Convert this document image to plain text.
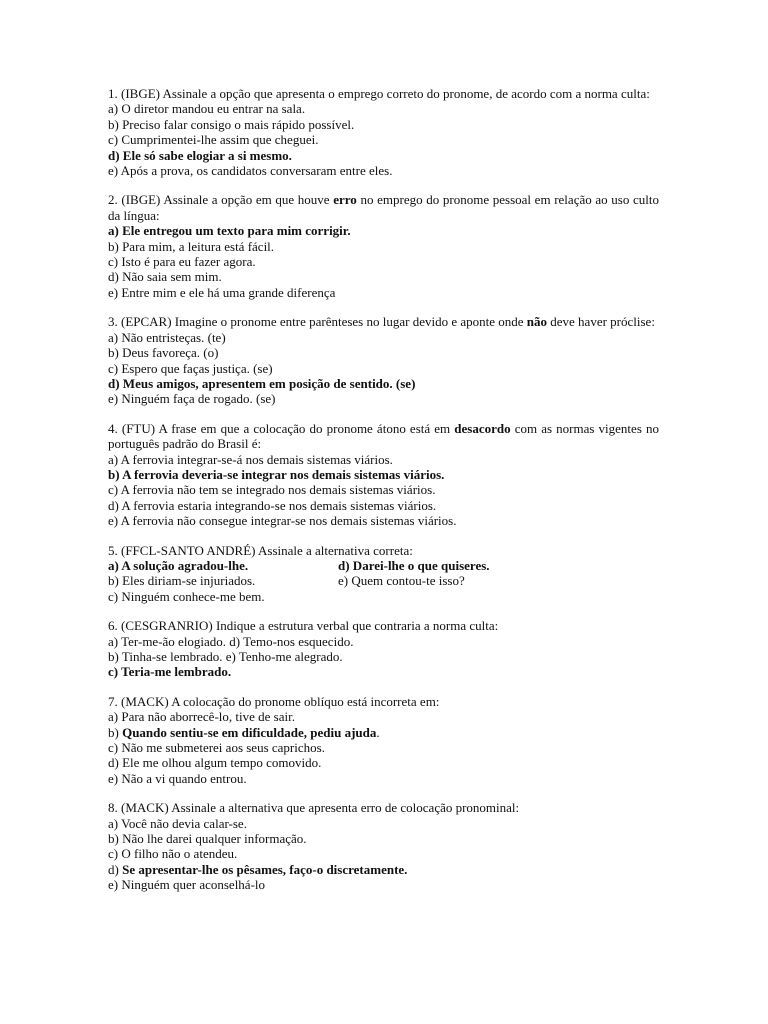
1. (IBGE) Assinale a opção que apresenta o emprego correto do pronome, de acordo com a norma culta:
a) O diretor mandou eu entrar na sala.
b) Preciso falar consigo o mais rápido possível.
c) Cumprimentei-lhe assim que cheguei.
d) Ele só sabe elogiar a si mesmo.
e) Após a prova, os candidatos conversaram entre eles.
2. (IBGE) Assinale a opção em que houve erro no emprego do pronome pessoal em relação ao uso culto da língua:
a) Ele entregou um texto para mim corrigir.
b) Para mim, a leitura está fácil.
c) Isto é para eu fazer agora.
d) Não saia sem mim.
e) Entre mim e ele há uma grande diferença
3. (EPCAR) Imagine o pronome entre parênteses no lugar devido e aponte onde não deve haver próclise:
a) Não entristeças. (te)
b) Deus favoreça. (o)
c) Espero que faças justiça. (se)
d) Meus amigos, apresentem em posição de sentido. (se)
e) Ninguém faça de rogado. (se)
4. (FTU) A frase em que a colocação do pronome átono está em desacordo com as normas vigentes no português padrão do Brasil é:
a) A ferrovia integrar-se-á nos demais sistemas viários.
b) A ferrovia deveria-se integrar nos demais sistemas viários.
c) A ferrovia não tem se integrado nos demais sistemas viários.
d) A ferrovia estaria integrando-se nos demais sistemas viários.
e) A ferrovia não consegue integrar-se nos demais sistemas viários.
5. (FFCL-SANTO ANDRÉ) Assinale a alternativa correta:
a) A solução agradou-lhe.	d) Darei-lhe o que quiseres.
b) Eles diriam-se injuriados.	e) Quem contou-te isso?
c) Ninguém conhece-me bem.
6. (CESGRANRIO) Indique a estrutura verbal que contraria a norma culta:
a) Ter-me-ão elogiado. d) Temo-nos esquecido.
b) Tinha-se lembrado. e) Tenho-me alegrado.
c) Teria-me lembrado.
7. (MACK) A colocação do pronome oblíquo está incorreta em:
a) Para não aborrecê-lo, tive de sair.
b) Quando sentiu-se em dificuldade, pediu ajuda.
c) Não me submeterei aos seus caprichos.
d) Ele me olhou algum tempo comovido.
e) Não a vi quando entrou.
8. (MACK) Assinale a alternativa que apresenta erro de colocação pronominal:
a) Você não devia calar-se.
b) Não lhe darei qualquer informação.
c) O filho não o atendeu.
d) Se apresentar-lhe os pêsames, faço-o discretamente.
e) Ninguém quer aconselhá-lo
